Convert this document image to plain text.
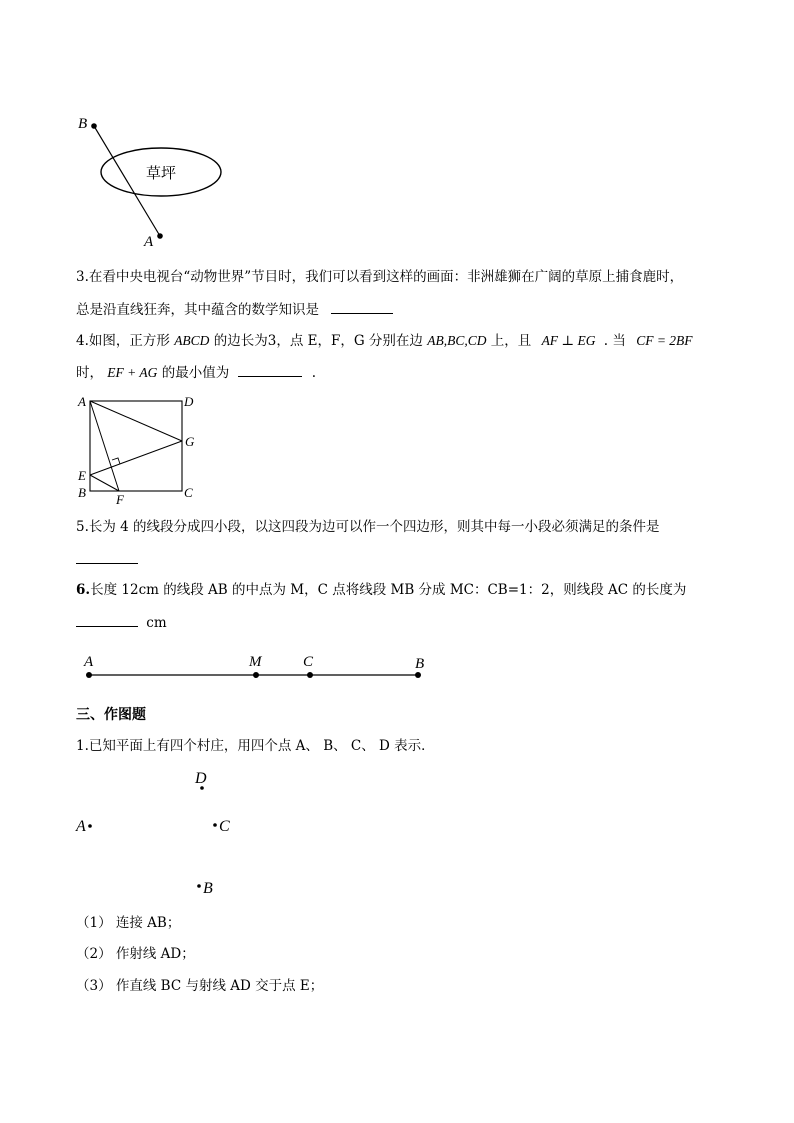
B
A
草坪
3.在看中央电视台“动物世界”节目时，我们可以看到这样的画面：非洲雄狮在广阔的草原上捕食鹿时，
总是沿直线狂奔，其中蕴含的数学知识是
4.如图，正方形 ABCD 的边长为3，点 E，F，G 分别在边 AB,BC,CD 上，且 AF ⊥ EG . 当 CF = 2BF
时， EF + AG 的最小值为	.
A	D
G
E
B F	C
5.长为 4 的线段分成四小段，以这四段为边可以作一个四边形，则其中每一小段必须满足的条件是
6.长度 12cm 的线段 AB 的中点为 M，C 点将线段 MB 分成 MC：CB=1：2，则线段 AC 的长度为
cm
A	M	C	B
三、作图题
1.已知平面上有四个村庄，用四个点 A、 B、 C、 D 表示．
D
A	C
B
（1） 连接 AB；
（2） 作射线 AD；
（3） 作直线 BC 与射线 AD 交于点 E；
